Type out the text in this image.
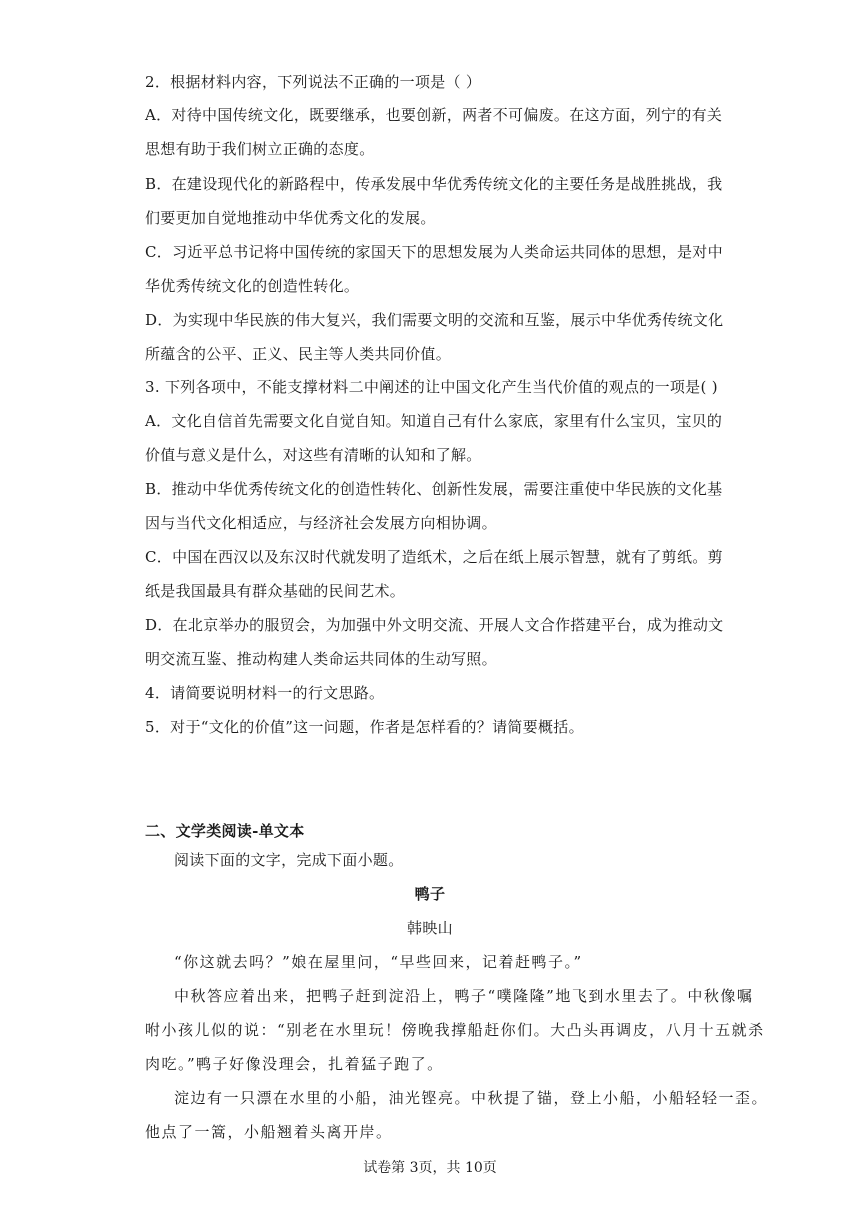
2．根据材料内容，下列说法不正确的一项是（ ）
A．对待中国传统文化，既要继承，也要创新，两者不可偏废。在这方面，列宁的有关
思想有助于我们树立正确的态度。
B．在建设现代化的新路程中，传承发展中华优秀传统文化的主要任务是战胜挑战，我
们要更加自觉地推动中华优秀文化的发展。
C．习近平总书记将中国传统的家国天下的思想发展为人类命运共同体的思想，是对中
华优秀传统文化的创造性转化。
D．为实现中华民族的伟大复兴，我们需要文明的交流和互鉴，展示中华优秀传统文化
所蕴含的公平、正义、民主等人类共同价值。
3. 下列各项中，不能支撑材料二中阐述的让中国文化产生当代价值的观点的一项是( )
A．文化自信首先需要文化自觉自知。知道自己有什么家底，家里有什么宝贝，宝贝的
价值与意义是什么，对这些有清晰的认知和了解。
B．推动中华优秀传统文化的创造性转化、创新性发展，需要注重使中华民族的文化基
因与当代文化相适应，与经济社会发展方向相协调。
C．中国在西汉以及东汉时代就发明了造纸术，之后在纸上展示智慧，就有了剪纸。剪
纸是我国最具有群众基础的民间艺术。
D．在北京举办的服贸会，为加强中外文明交流、开展人文合作搭建平台，成为推动文
明交流互鉴、推动构建人类命运共同体的生动写照。
4．请简要说明材料一的行文思路。
5．对于“文化的价值”这一问题，作者是怎样看的？请简要概括。
二、文学类阅读-单文本
阅读下面的文字，完成下面小题。
鸭子
韩映山
“你这就去吗？”娘在屋里问，“早些回来，记着赶鸭子。”
中秋答应着出来，把鸭子赶到淀沿上，鸭子“噗隆隆”地飞到水里去了。中秋像嘱
咐小孩儿似的说：“别老在水里玩！傍晚我撑船赶你们。大凸头再调皮，八月十五就杀
肉吃。”鸭子好像没理会，扎着猛子跑了。
淀边有一只漂在水里的小船，油光铿亮。中秋提了锚，登上小船，小船轻轻一歪。
他点了一篙，小船翘着头离开岸。
试卷第 3页，共 10页
